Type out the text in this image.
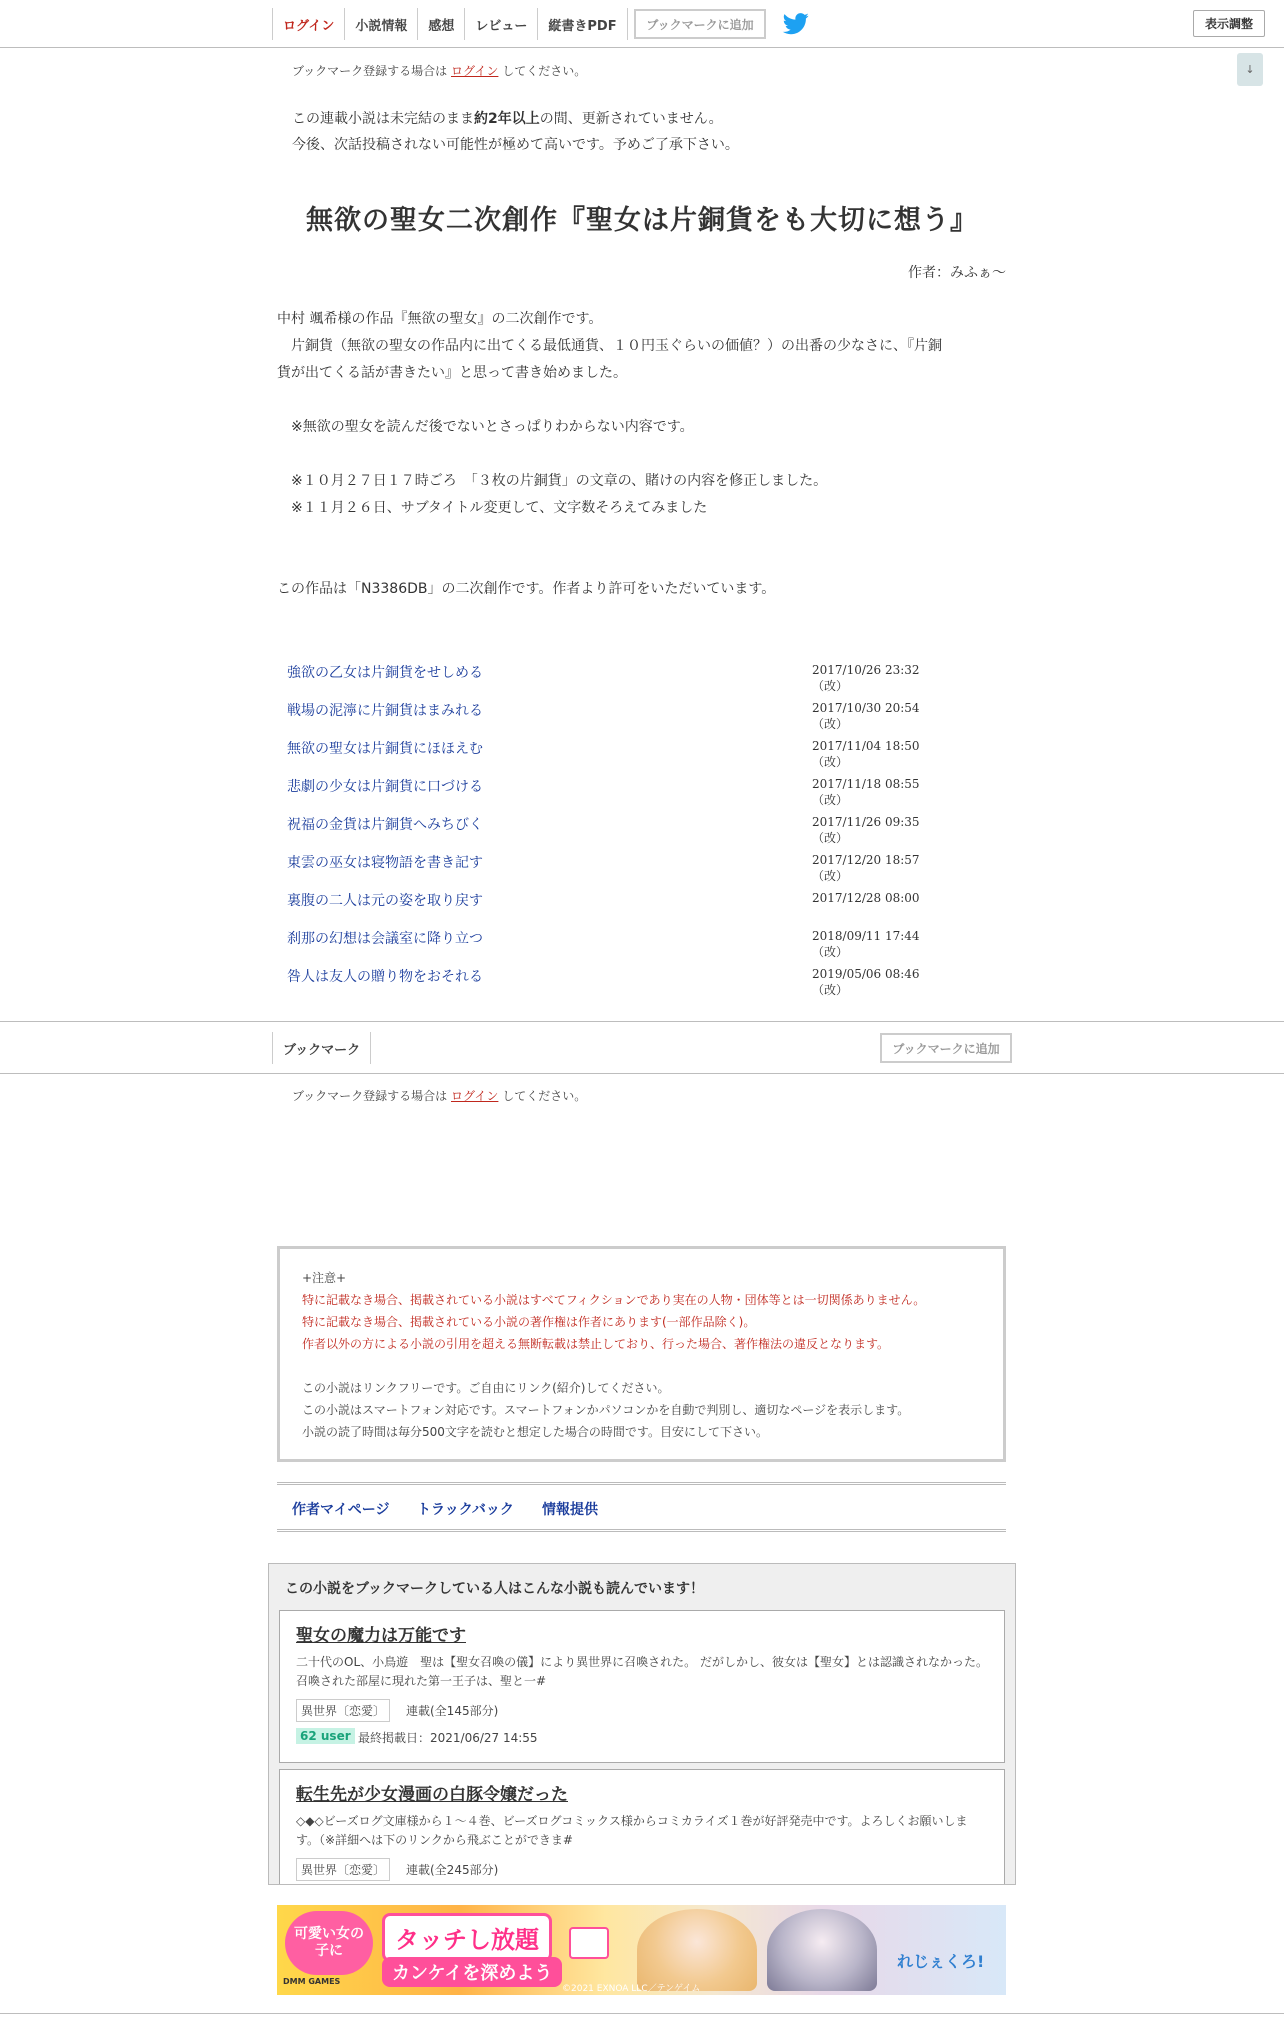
ログイン	小説情報	感想	レビュー	縦書きPDF	ブックマークに追加	表示調整
↓
ブックマーク登録する場合は ログイン してください。
この連載小説は未完結のまま約2年以上の間、更新されていません。
今後、次話投稿されない可能性が極めて高いです。予めご了承下さい。
無欲の聖女二次創作『聖女は片銅貨をも大切に想う』
作者：みふぁ～
中村 颯希様の作品『無欲の聖女』の二次創作です。
　片銅貨（無欲の聖女の作品内に出てくる最低通貨、１０円玉ぐらいの価値？）の出番の少なさに、『片銅
貨が出てくる話が書きたい』と思って書き始めました。
　※無欲の聖女を読んだ後でないとさっぱりわからない内容です。
　※１０月２７日１７時ごろ　「３枚の片銅貨」の文章の、賭けの内容を修正しました。
　※１１月２６日、サブタイトル変更して、文字数そろえてみました
この作品は「N3386DB」の二次創作です。作者より許可をいただいています。
強欲の乙女は片銅貨をせしめる	2017/10/26 23:32（改）
戦場の泥濘に片銅貨はまみれる	2017/10/30 20:54（改）
無欲の聖女は片銅貨にほほえむ	2017/11/04 18:50（改）
悲劇の少女は片銅貨に口づける	2017/11/18 08:55（改）
祝福の金貨は片銅貨へみちびく	2017/11/26 09:35（改）
東雲の巫女は寝物語を書き記す	2017/12/20 18:57（改）
裏腹の二人は元の姿を取り戻す	2017/12/28 08:00
刹那の幻想は会議室に降り立つ	2018/09/11 17:44（改）
咎人は友人の贈り物をおそれる	2019/05/06 08:46（改）
ブックマーク	ブックマークに追加
ブックマーク登録する場合は ログイン してください。
+注意+
特に記載なき場合、掲載されている小説はすべてフィクションであり実在の人物・団体等とは一切関係ありません。
特に記載なき場合、掲載されている小説の著作権は作者にあります(一部作品除く)。
作者以外の方による小説の引用を超える無断転載は禁止しており、行った場合、著作権法の違反となります。
この小説はリンクフリーです。ご自由にリンク(紹介)してください。
この小説はスマートフォン対応です。スマートフォンかパソコンかを自動で判別し、適切なページを表示します。
小説の読了時間は毎分500文字を読むと想定した場合の時間です。目安にして下さい。
作者マイページ トラックバック 情報提供
この小説をブックマークしている人はこんな小説も読んでいます！
聖女の魔力は万能です
二十代のOL、小鳥遊　聖は【聖女召喚の儀】により異世界に召喚された。 だがしかし、彼女は【聖女】とは認識されなかった。 召喚された部屋に現れた第一王子は、聖と一#
異世界〔恋愛〕	連載(全145部分)
62 user 最終掲載日：2021/06/27 14:55
転生先が少女漫画の白豚令嬢だった
◇◆◇ビーズログ文庫様から１～４巻、ビーズログコミックス様からコミカライズ１巻が好評発売中です。よろしくお願いします。（※詳細へは下のリンクから飛ぶことができま#
異世界〔恋愛〕	連載(全245部分)
可愛い女の子に	タッチし放題
カンケイを深めよう
DMM GAMES
©2021 EXNOA LLC／テンゲイム
れじぇくろ!
